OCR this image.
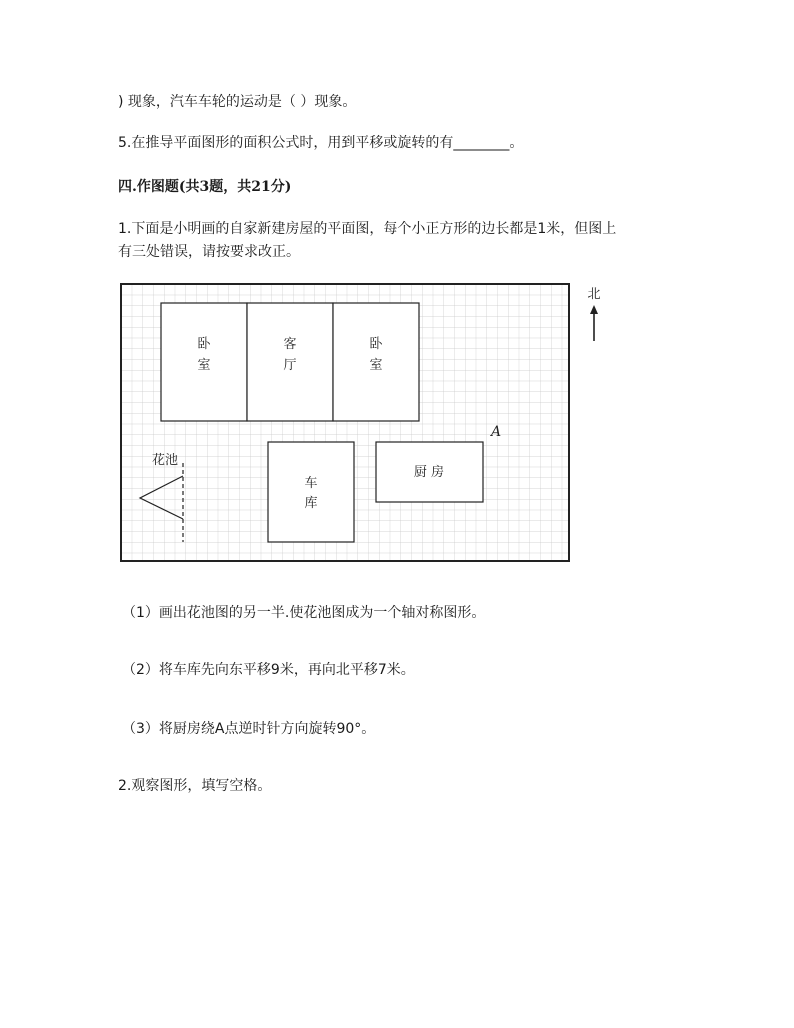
) 现象，汽车车轮的运动是（ ）现象。
5.在推导平面图形的面积公式时，用到平移或旋转的有________。
四.作图题(共3题，共21分)
1.下面是小明画的自家新建房屋的平面图，每个小正方形的边长都是1米，但图上
有三处错误，请按要求改正。
卧
室
客
厅
卧
室
车
库
厨 房
花池
A
北
（1）画出花池图的另一半.使花池图成为一个轴对称图形。
（2）将车库先向东平移9米，再向北平移7米。
（3）将厨房绕A点逆时针方向旋转90°。
2.观察图形，填写空格。
